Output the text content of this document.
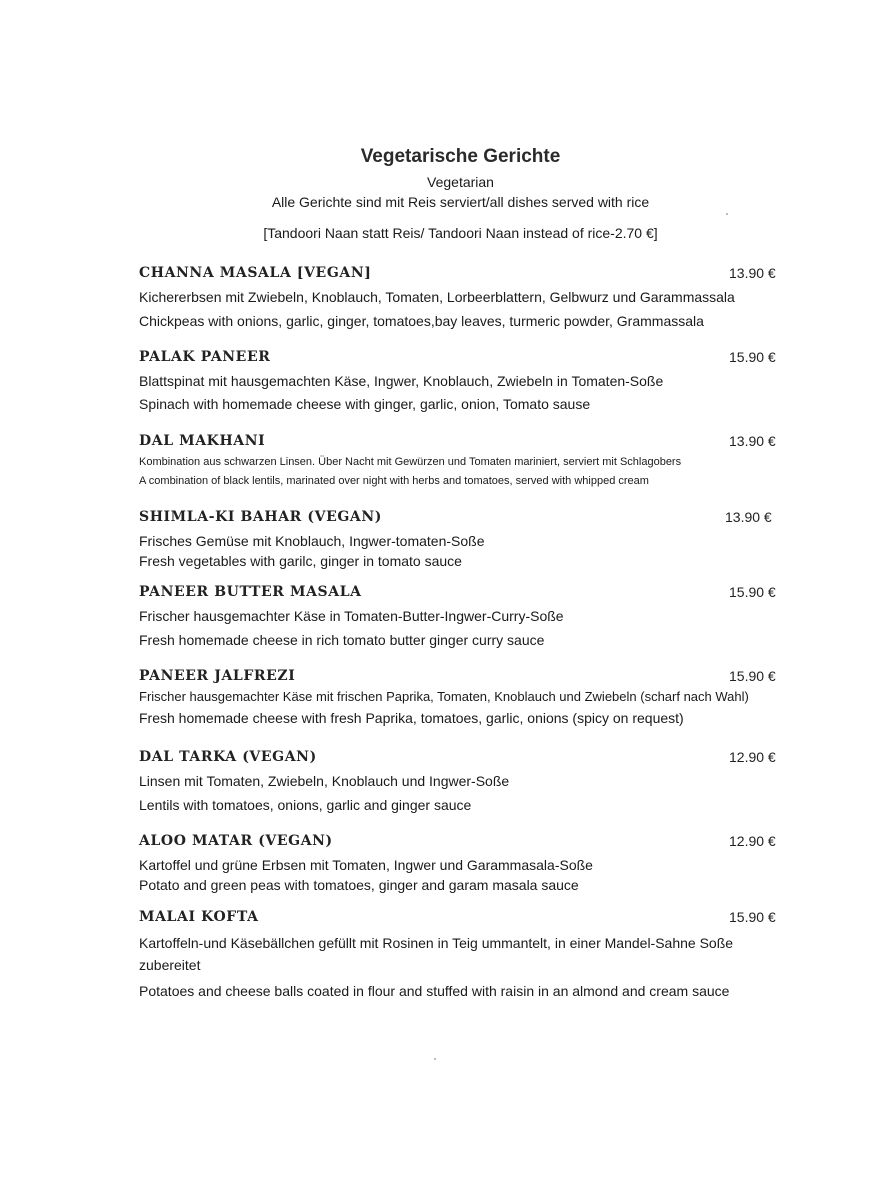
Vegetarische Gerichte
Vegetarian
Alle Gerichte sind mit Reis serviert/all dishes served with rice
[Tandoori Naan statt Reis/ Tandoori Naan instead of rice-2.70 €]
CHANNA MASALA [VEGAN]	13.90 €
Kichererbsen mit Zwiebeln, Knoblauch, Tomaten, Lorbeerblattern, Gelbwurz und Garammassala
Chickpeas with onions, garlic, ginger, tomatoes,bay leaves, turmeric powder, Grammassala
PALAK PANEER	15.90 €
Blattspinat mit hausgemachten Käse, Ingwer, Knoblauch, Zwiebeln in Tomaten-Soße
Spinach with homemade cheese with ginger, garlic, onion, Tomato sause
DAL MAKHANI	13.90 €
Kombination aus schwarzen Linsen. Über Nacht mit Gewürzen und Tomaten mariniert, serviert mit Schlagobers
A combination of black lentils, marinated over night with herbs and tomatoes, served with whipped cream
SHIMLA-KI BAHAR (VEGAN)	13.90 €
Frisches Gemüse mit Knoblauch, Ingwer-tomaten-Soße
Fresh vegetables with garilc, ginger in tomato sauce
PANEER BUTTER MASALA	15.90 €
Frischer hausgemachter Käse in Tomaten-Butter-Ingwer-Curry-Soße
Fresh homemade cheese in rich tomato butter ginger curry sauce
PANEER JALFREZI	15.90 €
Frischer hausgemachter Käse mit frischen Paprika, Tomaten, Knoblauch und Zwiebeln (scharf nach Wahl)
Fresh homemade cheese with fresh Paprika, tomatoes, garlic, onions (spicy on request)
DAL TARKA (VEGAN)	12.90 €
Linsen mit Tomaten, Zwiebeln, Knoblauch und Ingwer-Soße
Lentils with tomatoes, onions, garlic and ginger sauce
ALOO MATAR (VEGAN)	12.90 €
Kartoffel und grüne Erbsen mit Tomaten, Ingwer und Garammasala-Soße
Potato and green peas with tomatoes, ginger and garam masala sauce
MALAI KOFTA	15.90 €
Kartoffeln-und Käsebällchen gefüllt mit Rosinen in Teig ummantelt, in einer Mandel-Sahne Soße zubereitet
Potatoes and cheese balls coated in flour and stuffed with raisin in an almond and cream sauce
